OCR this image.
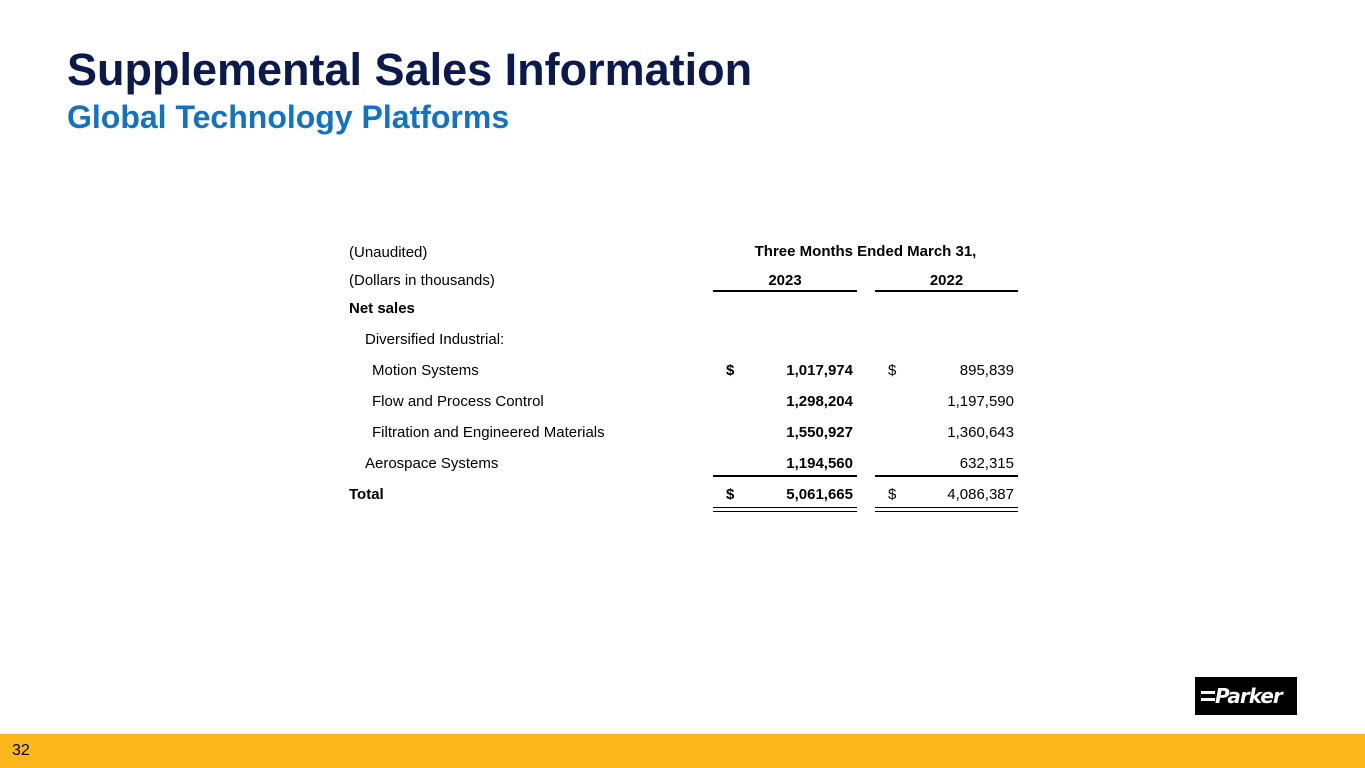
Supplemental Sales Information
Global Technology Platforms
(Unaudited)	Three Months Ended March 31,
(Dollars in thousands)	2023	2022
Net sales
Diversified Industrial:
Motion Systems	$	1,017,974 $	895,839
Flow and Process Control	1,298,204	1,197,590
Filtration and Engineered Materials	1,550,927	1,360,643
Aerospace Systems	1,194,560	632,315
Total	$	5,061,665 $	4,086,387
Parker
32
